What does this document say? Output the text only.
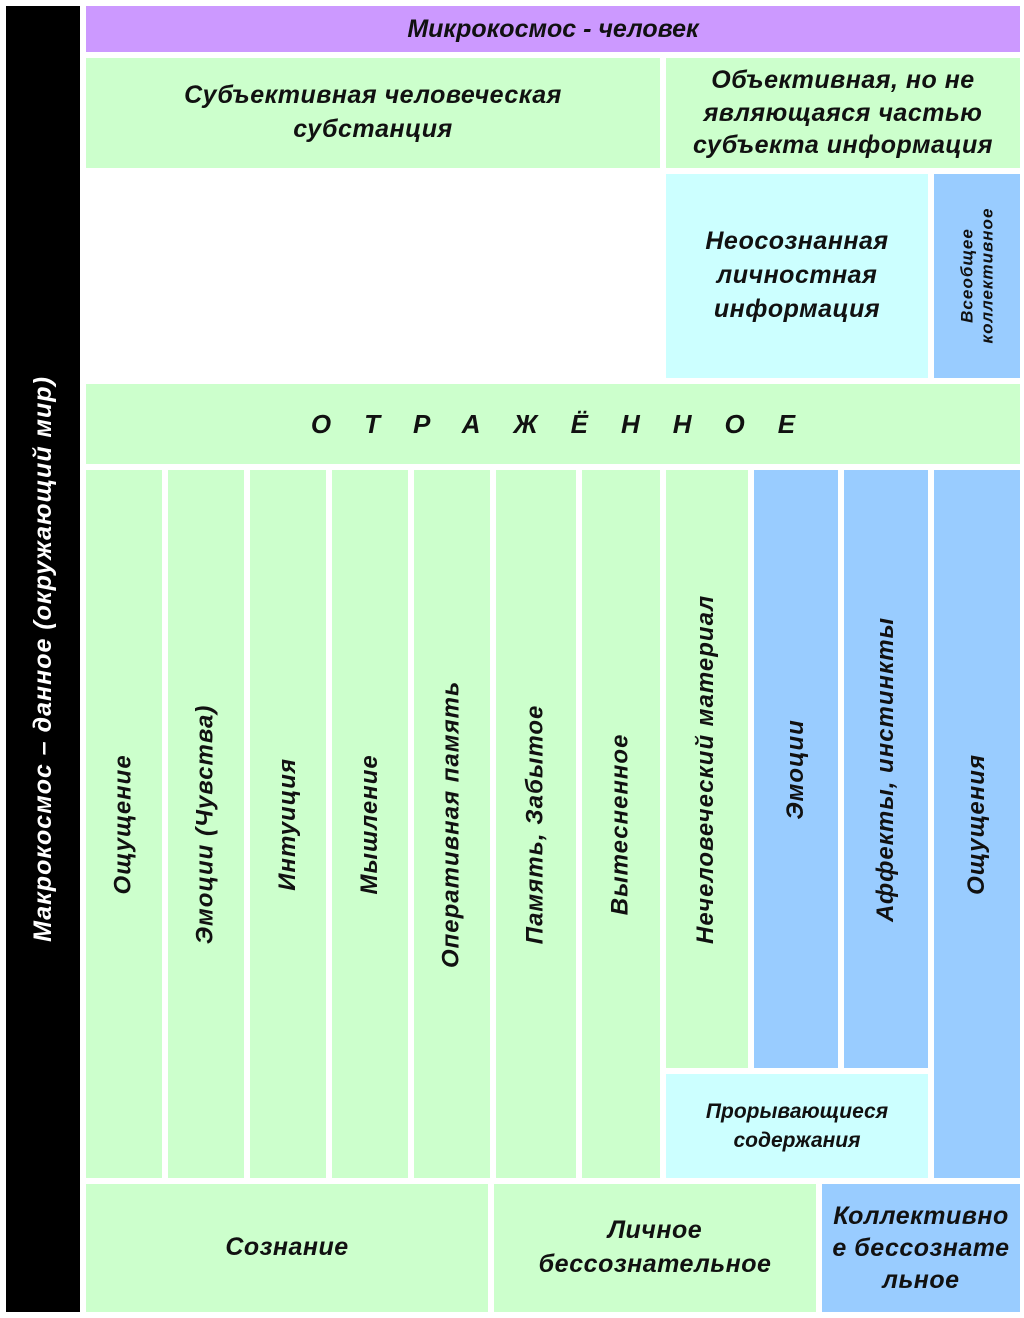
Макрокосмос – данное (окружающий мир)
Микрокосмос - человек
Субъективная человеческая субстанция
Объективная, но не являющаяся частью субъекта информация
Неосознанная личностная информация	Всеобщее коллективное
ОТРАЖЁННОЕ
Ощущение Эмоции (Чувства) Интуиция Мышление Оперативная память Память, Забытое Вытесненное Нечеловеческий материал	Эмоции	Аффекты, инстинкты	Ощущения
Прорывающиеся содержания
Сознание
Личное бессознательное
Коллективное бессознательное
